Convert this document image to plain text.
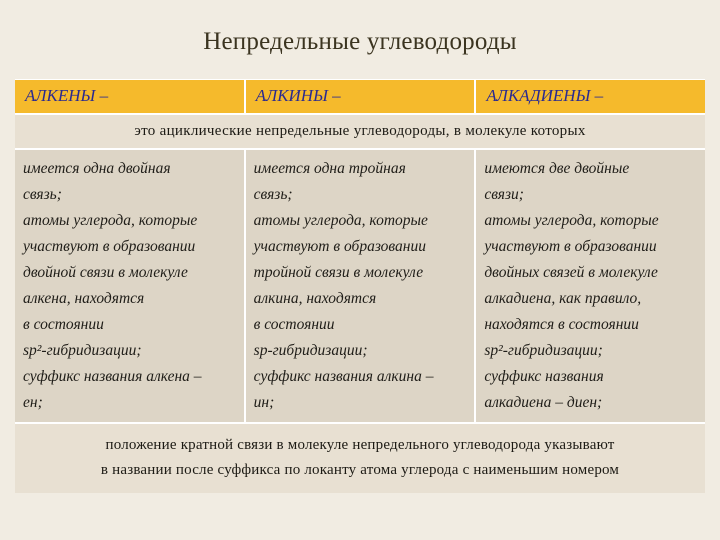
Непредельные углеводороды
АЛКЕНЫ –	АЛКИНЫ –	АЛКАДИЕНЫ –
это ациклические непредельные углеводороды, в молекуле которых
имеется одна двойная
связь;
атомы углерода, которые
участвуют в образовании
двойной связи в молекуле
алкена, находятся
в состоянии
sp²-гибридизации;
суффикс названия алкена –
ен;
имеется одна тройная
связь;
атомы углерода, которые
участвуют в образовании
тройной связи в молекуле
алкина, находятся
в состоянии
sp-гибридизации;
суффикс названия алкина –
ин;
имеются две двойные
связи;
атомы углерода, которые
участвуют в образовании
двойных связей в молекуле
алкадиена, как правило,
находятся в состоянии
sp²-гибридизации;
суффикс названия
алкадиена – диен;
положение кратной связи в молекуле непредельного углеводорода указывают
в названии после суффикса по локанту атома углерода с наименьшим номером
